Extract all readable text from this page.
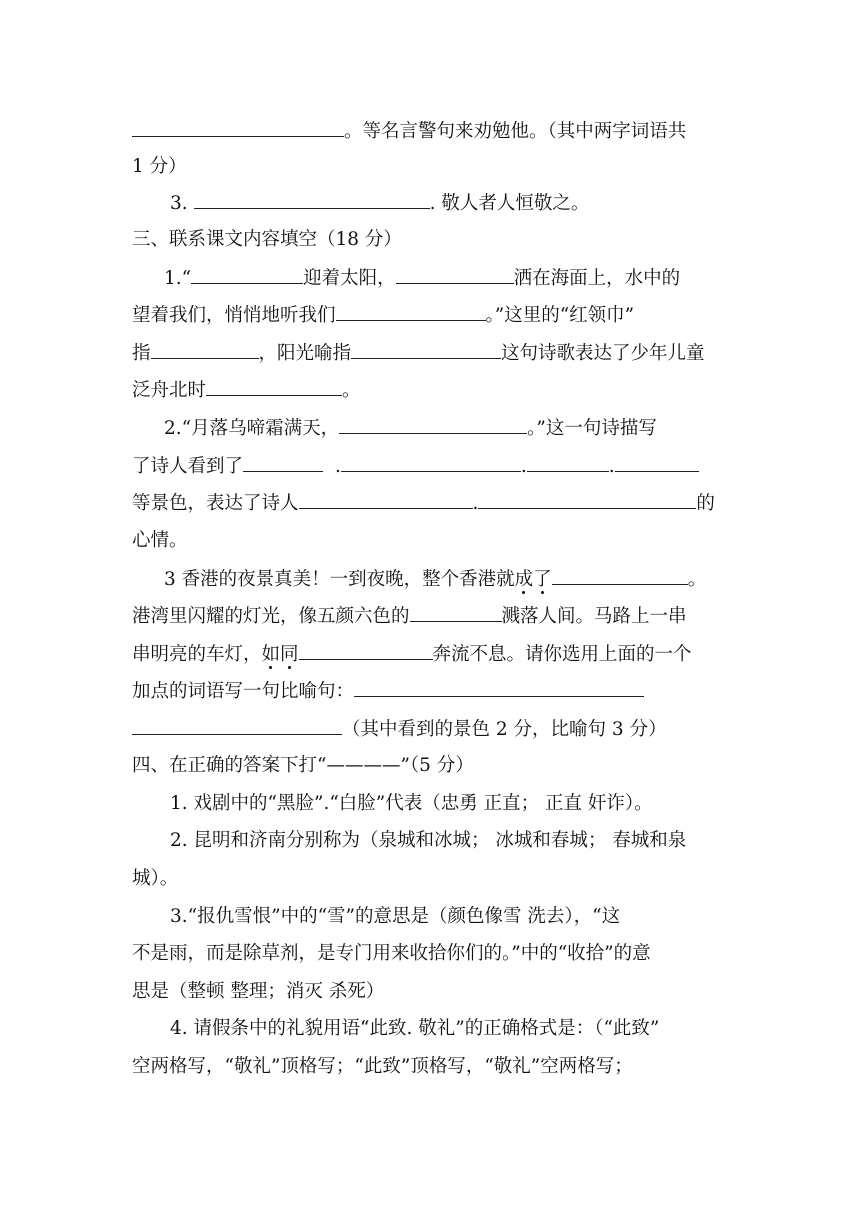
。等名言警句来劝勉他。（其中两字词语共
1 分）
3.	. 敬人者人恒敬之。
三、联系课文内容填空（18 分）
1.“	迎着太阳，	洒在海面上，水中的
望着我们，悄悄地听我们	。”这里的“红领巾”
指	，阳光喻指	这句诗歌表达了少年儿童
泛舟北时	。
2.“月落乌啼霜满天，	。”这一句诗描写
了诗人看到了	.	.	.
等景色，表达了诗人	.	的
心情。
3 香港的夜景真美！一到夜晚，整个香港就成了	。
港湾里闪耀的灯光，像五颜六色的	溅落人间。马路上一串
串明亮的车灯，如同	奔流不息。请你选用上面的一个
加点的词语写一句比喻句：
（其中看到的景色 2 分，比喻句 3 分）
四、在正确的答案下打“————”（5 分）
1. 戏剧中的“黑脸”.“白脸”代表（忠勇 正直； 正直 奸诈）。
2. 昆明和济南分别称为（泉城和冰城； 冰城和春城； 春城和泉
城）。
3.“报仇雪恨”中的“雪”的意思是（颜色像雪 洗去），“这
不是雨，而是除草剂，是专门用来收拾你们的。”中的“收拾”的意
思是（整顿 整理；消灭 杀死）
4. 请假条中的礼貌用语“此致. 敬礼”的正确格式是：（“此致”
空两格写，“敬礼”顶格写；“此致”顶格写，“敬礼”空两格写；
